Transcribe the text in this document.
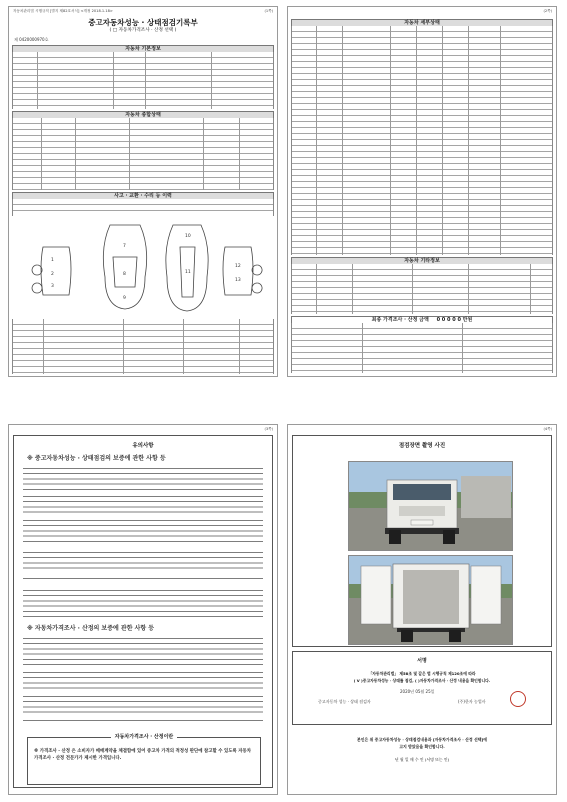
자동차관리법 시행규칙 [별지 제82호서식] <개정 2018.1.18>	(1쪽)
중고자동차성능 · 상태점검기록부
( □ 자동차가격조사 · 산정 선택 )
제 0420000970호
자동차 기본정보
자동차 종합상태
사고 · 교환 · 수리 등 이력
1
2
3
7
8
9
10
11
12
13
(2쪽)
자동차 세부상태
자동차 기타정보
최종 가격조사 · 산정 금액 0 0 0 0 0 만원
(3쪽)
유의사항
※ 중고자동차성능 · 상태점검의 보증에 관한 사항 등
※ 자동차가격조사 · 산정의 보증에 관한 사항 등
자동차가격조사 · 산정이란
※ 가격조사 · 산정 은 소비자가 매매계약을 체결함에 있어 중고차 가격의 적정성 판단에 참고할 수 있도록 자동차가격조사 · 산정 전문가가 제시한 가격입니다.
(4쪽)
점검장면 촬영 사진
서명
「자동차관리법」 제58조 및 같은 법 시행규칙 제120조에 따라
( V )중고자동차성능 · 상태를 점검, ( )자동차가격조사 · 산정 내용을 확인합니다.
2020년 05월 25일
중고자동차 성능 · 상태 점검자	(주)한자 농업사
본인은 위 중고자동차성능 · 상태점검내용과 [자동차가격조사 · 산정 선택]에
고지 받았음을 확인합니다.
년 월 일 매 수 인 (서명 또는 인)
